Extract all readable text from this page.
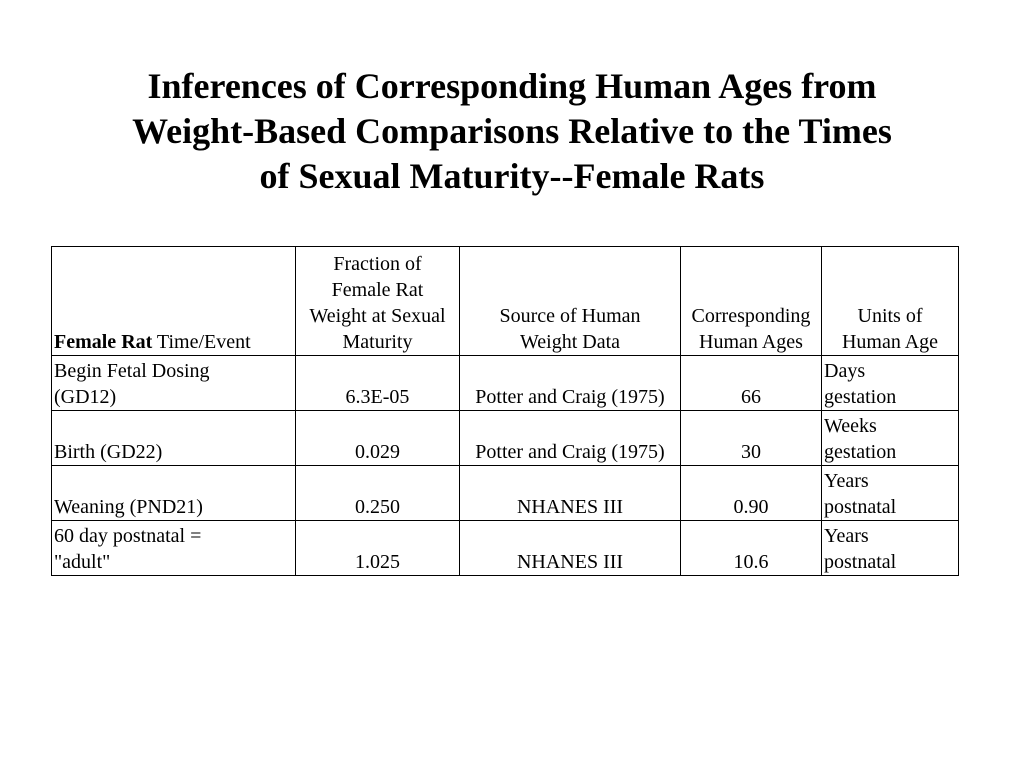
Inferences of Corresponding Human Ages from
Weight-Based Comparisons Relative to the Times
of Sexual Maturity--Female Rats
Female Rat Time/Event	Fraction of
Female Rat
Weight at Sexual
Maturity	Source of Human
Weight Data	Corresponding
Human Ages	Units of
Human Age

Begin Fetal Dosing
(GD12)	6.3E-05	Potter and Craig (1975)	66	Days
gestation

Birth (GD22)	0.029	Potter and Craig (1975)	30	Weeks
gestation

Weaning (PND21)	0.250	NHANES III	0.90	Years
postnatal

60 day postnatal =
"adult"	1.025	NHANES III	10.6	Years
postnatal
